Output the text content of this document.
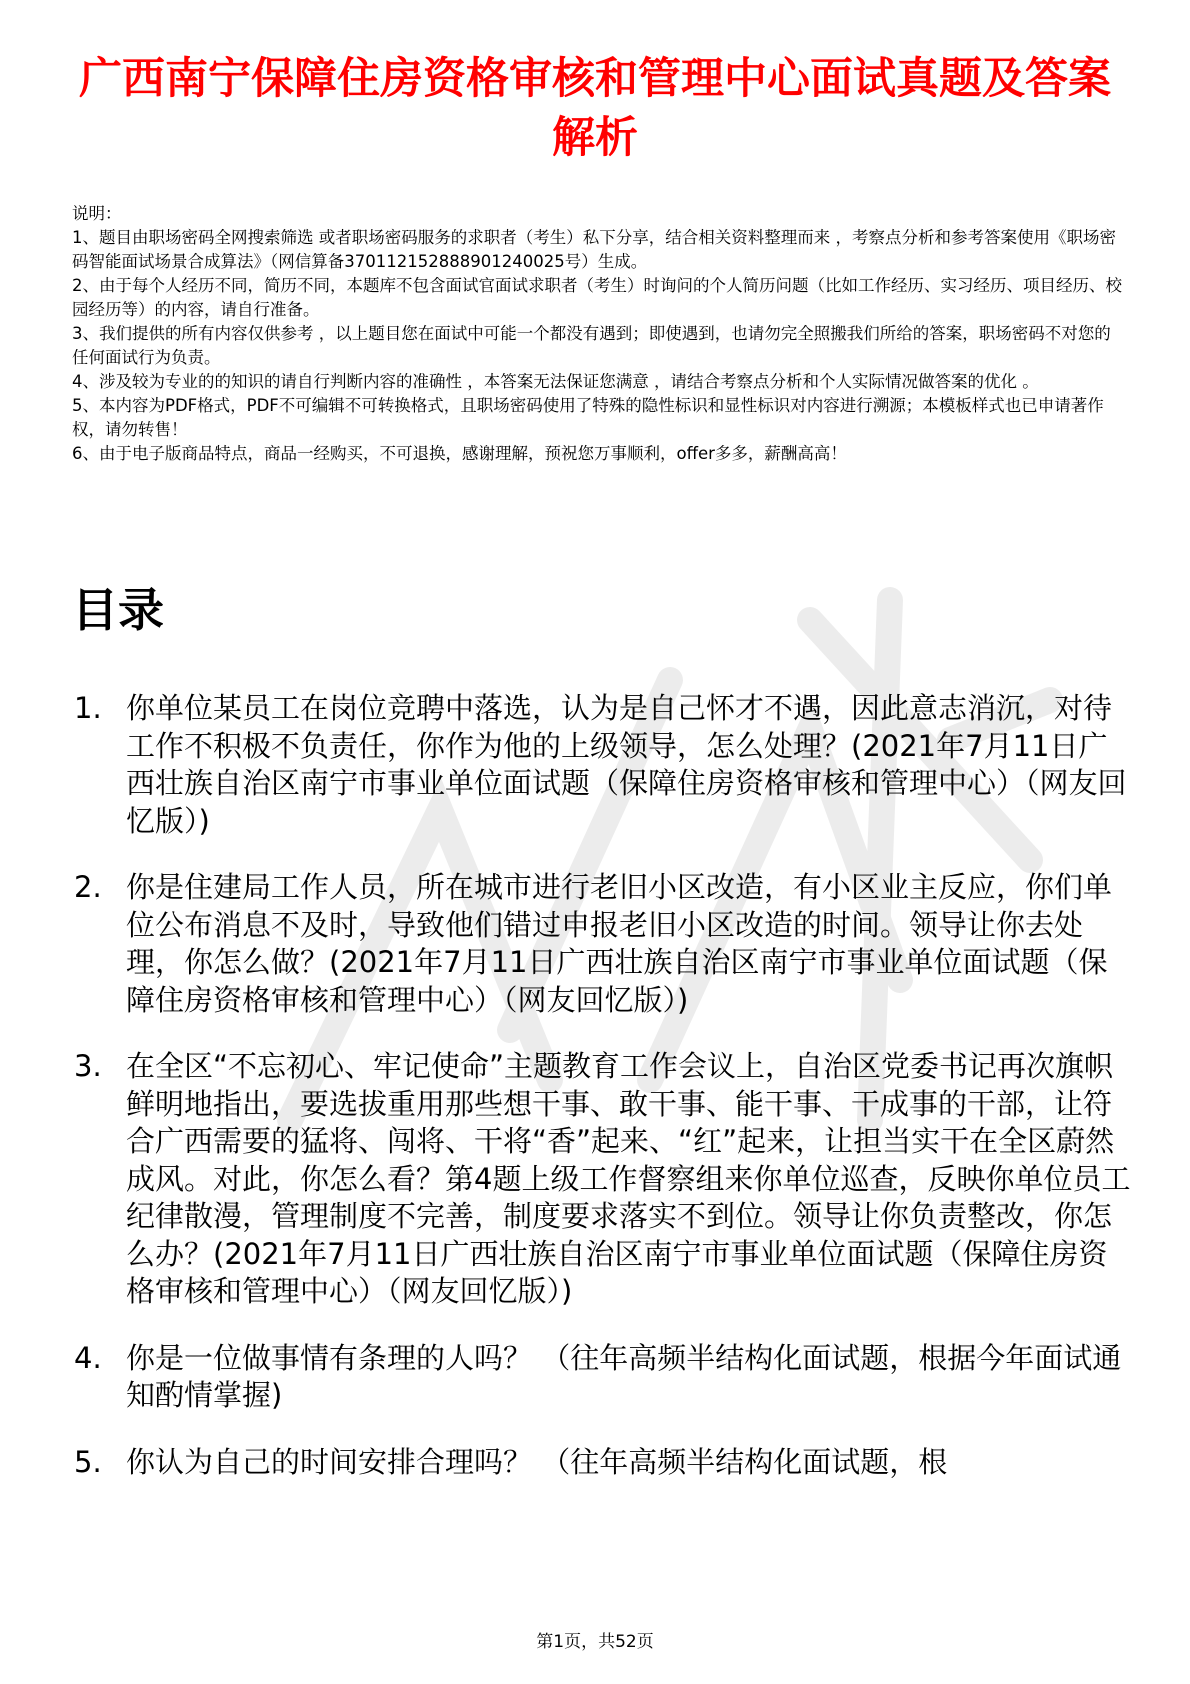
广西南宁保障住房资格审核和管理中心面试真题及答案解析
说明：
1、题目由职场密码全网搜索筛选 或者职场密码服务的求职者（考生）私下分享，结合相关资料整理而来 ，考察点分析和参考答案使用《职场密码智能面试场景合成算法》（网信算备370112152888901240025号）生成。
2、由于每个人经历不同，简历不同，本题库不包含面试官面试求职者（考生）时询问的个人简历问题（比如工作经历、实习经历、项目经历、校园经历等）的内容，请自行准备。
3、我们提供的所有内容仅供参考 ，以上题目您在面试中可能一个都没有遇到；即使遇到，也请勿完全照搬我们所给的答案，职场密码不对您的任何面试行为负责。
4、涉及较为专业的的知识的请自行判断内容的准确性 ，本答案无法保证您满意 ，请结合考察点分析和个人实际情况做答案的优化 。
5、本内容为PDF格式，PDF不可编辑不可转换格式，且职场密码使用了特殊的隐性标识和显性标识对内容进行溯源；本模板样式也已申请著作权，请勿转售！
6、由于电子版商品特点，商品一经购买，不可退换，感谢理解，预祝您万事顺利，offer多多，薪酬高高！
目录
1. 你单位某员工在岗位竞聘中落选，认为是自己怀才不遇，因此意志消沉，对待工作不积极不负责任，你作为他的上级领导，怎么处理？(2021年7月11日广西壮族自治区南宁市事业单位面试题（保障住房资格审核和管理中心）（网友回忆版）)
2. 你是住建局工作人员，所在城市进行老旧小区改造，有小区业主反应，你们单位公布消息不及时，导致他们错过申报老旧小区改造的时间。领导让你去处理，你怎么做？(2021年7月11日广西壮族自治区南宁市事业单位面试题（保障住房资格审核和管理中心）（网友回忆版）)
3. 在全区“不忘初心、牢记使命”主题教育工作会议上，自治区党委书记再次旗帜鲜明地指出，要选拔重用那些想干事、敢干事、能干事、干成事的干部，让符合广西需要的猛将、闯将、干将“香”起来、“红”起来，让担当实干在全区蔚然成风。对此，你怎么看？第4题上级工作督察组来你单位巡查，反映你单位员工纪律散漫，管理制度不完善，制度要求落实不到位。领导让你负责整改，你怎么办？(2021年7月11日广西壮族自治区南宁市事业单位面试题（保障住房资格审核和管理中心）（网友回忆版）)
4. 你是一位做事情有条理的人吗？ （往年高频半结构化面试题，根据今年面试通知酌情掌握)
5. 你认为自己的时间安排合理吗？ （往年高频半结构化面试题，根
第1页，共52页
